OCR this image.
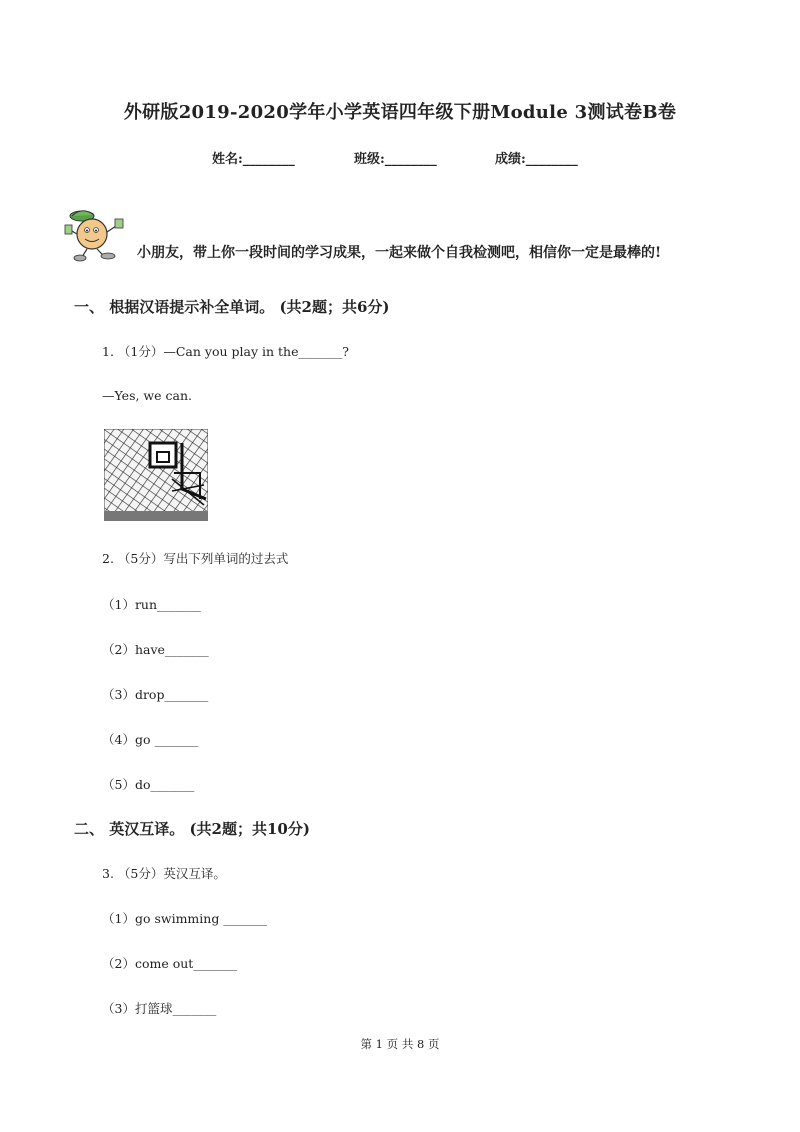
外研版2019-2020学年小学英语四年级下册Module 3测试卷B卷
姓名:________	班级:________	成绩:________
小朋友，带上你一段时间的学习成果，一起来做个自我检测吧，相信你一定是最棒的!
一、 根据汉语提示补全单词。 (共2题；共6分)
1. （1分）—Can you play in the_______?
—Yes, we can.
2. （5分）写出下列单词的过去式
（1）run_______
（2）have_______
（3）drop_______
（4）go _______
（5）do_______
二、 英汉互译。 (共2题；共10分)
3. （5分）英汉互译。
（1）go swimming _______
（2）come out_______
（3）打篮球_______
第 1 页 共 8 页
